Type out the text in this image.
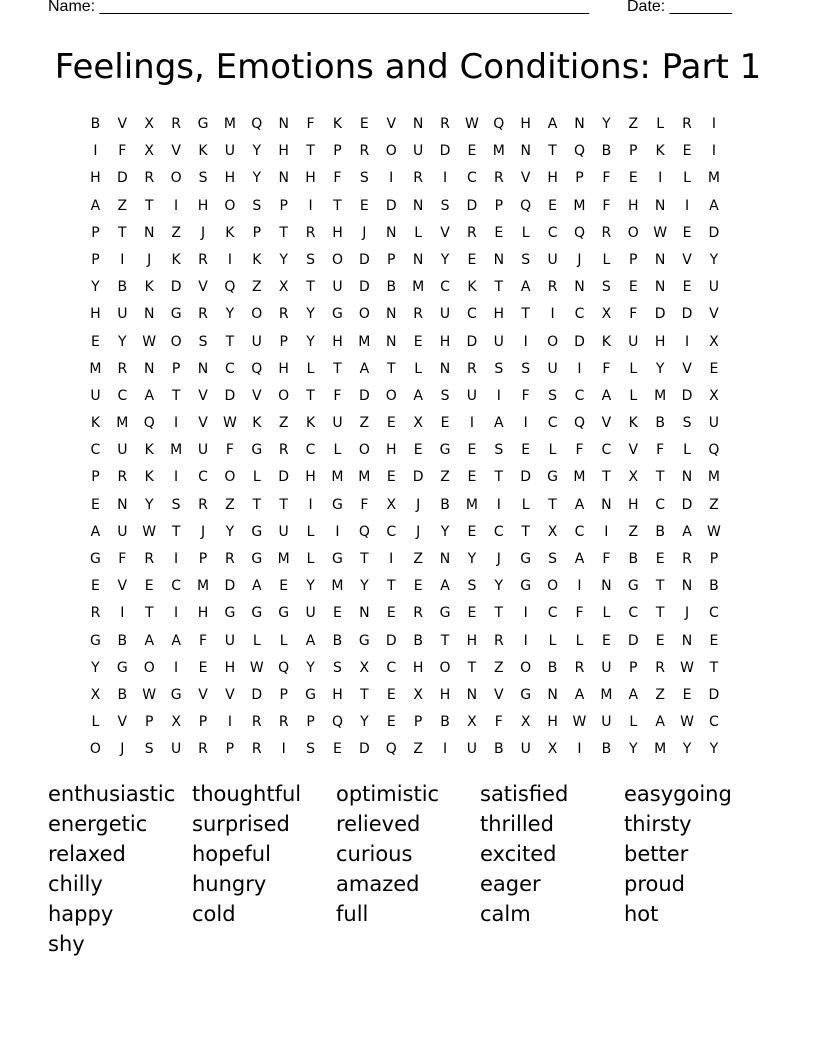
Name: _______________________________________________________ Date: _______
Feelings, Emotions and Conditions: Part 1
B	V	X	R	G	M	Q	N	F	K	E	V	N	R	W	Q	H	A	N	Y	Z	L	R	I
I	F	X	V	K	U	Y	H	T	P	R	O	U	D	E	M	N	T	Q	B	P	K	E	I
H	D	R	O	S	H	Y	N	H	F	S	I	R	I	C	R	V	H	P	F	E	I	L	M
A	Z	T	I	H	O	S	P	I	T	E	D	N	S	D	P	Q	E	M	F	H	N	I	A
P	T	N	Z	J	K	P	T	R	H	J	N	L	V	R	E	L	C	Q	R	O	W	E	D
P	I	J	K	R	I	K	Y	S	O	D	P	N	Y	E	N	S	U	J	L	P	N	V	Y
Y	B	K	D	V	Q	Z	X	T	U	D	B	M	C	K	T	A	R	N	S	E	N	E	U
H	U	N	G	R	Y	O	R	Y	G	O	N	R	U	C	H	T	I	C	X	F	D	D	V
E	Y	W	O	S	T	U	P	Y	H	M	N	E	H	D	U	I	O	D	K	U	H	I	X
M	R	N	P	N	C	Q	H	L	T	A	T	L	N	R	S	S	U	I	F	L	Y	V	E
U	C	A	T	V	D	V	O	T	F	D	O	A	S	U	I	F	S	C	A	L	M	D	X
K	M	Q	I	V	W	K	Z	K	U	Z	E	X	E	I	A	I	C	Q	V	K	B	S	U
C	U	K	M	U	F	G	R	C	L	O	H	E	G	E	S	E	L	F	C	V	F	L	Q
P	R	K	I	C	O	L	D	H	M	M	E	D	Z	E	T	D	G	M	T	X	T	N	M
E	N	Y	S	R	Z	T	T	I	G	F	X	J	B	M	I	L	T	A	N	H	C	D	Z
A	U	W	T	J	Y	G	U	L	I	Q	C	J	Y	E	C	T	X	C	I	Z	B	A	W
G	F	R	I	P	R	G	M	L	G	T	I	Z	N	Y	J	G	S	A	F	B	E	R	P
E	V	E	C	M	D	A	E	Y	M	Y	T	E	A	S	Y	G	O	I	N	G	T	N	B
R	I	T	I	H	G	G	G	U	E	N	E	R	G	E	T	I	C	F	L	C	T	J	C
G	B	A	A	F	U	L	L	A	B	G	D	B	T	H	R	I	L	L	E	D	E	N	E
Y	G	O	I	E	H	W	Q	Y	S	X	C	H	O	T	Z	O	B	R	U	P	R	W	T
X	B	W	G	V	V	D	P	G	H	T	E	X	H	N	V	G	N	A	M	A	Z	E	D
L	V	P	X	P	I	R	R	P	Q	Y	E	P	B	X	F	X	H	W	U	L	A	W	C
O	J	S	U	R	P	R	I	S	E	D	Q	Z	I	U	B	U	X	I	B	Y	M	Y	Y
enthusiastic thoughtful	optimistic	satisfied	easygoing
energetic	surprised	relieved	thrilled	thirsty
relaxed	hopeful	curious	excited	better
chilly	hungry	amazed	eager	proud
happy	cold	full	calm	hot
shy
